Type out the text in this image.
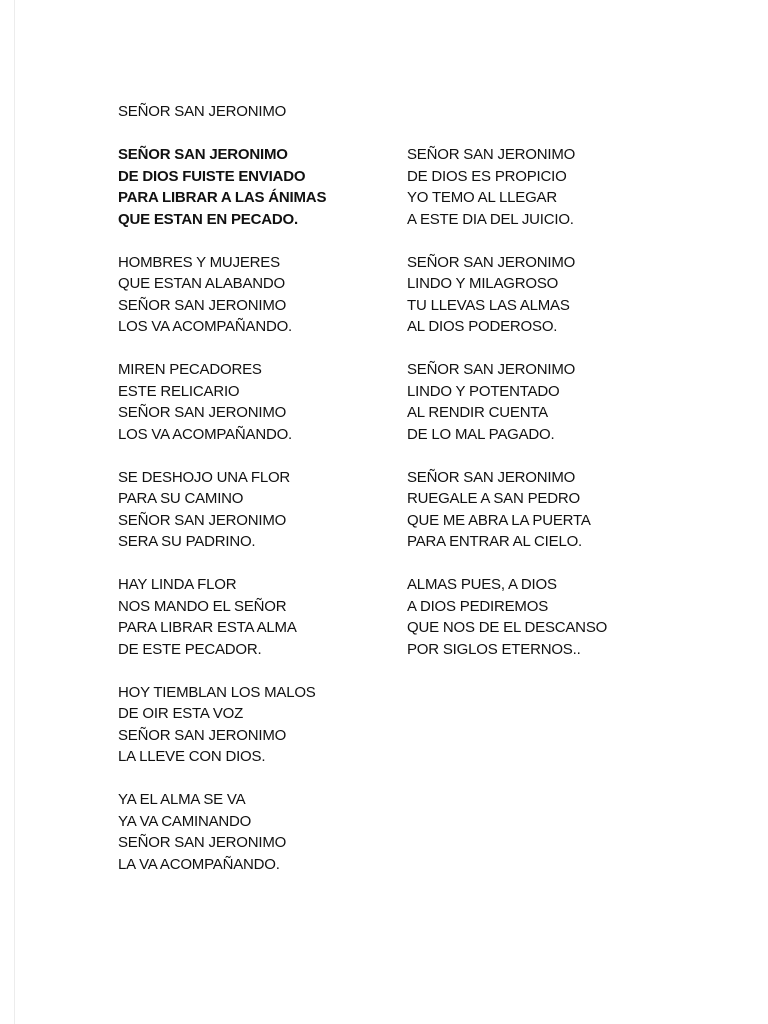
SEÑOR SAN JERONIMO
SEÑOR SAN JERONIMO
DE DIOS FUISTE ENVIADO
PARA LIBRAR A LAS ÁNIMAS
QUE ESTAN EN PECADO.
HOMBRES Y MUJERES
QUE ESTAN ALABANDO
SEÑOR SAN JERONIMO
LOS VA ACOMPAÑANDO.
MIREN PECADORES
ESTE RELICARIO
SEÑOR SAN JERONIMO
LOS VA ACOMPAÑANDO.
SE DESHOJO UNA FLOR
PARA SU CAMINO
SEÑOR SAN JERONIMO
SERA SU PADRINO.
HAY LINDA FLOR
NOS MANDO EL SEÑOR
PARA LIBRAR ESTA ALMA
DE ESTE PECADOR.
HOY TIEMBLAN LOS MALOS
DE OIR ESTA VOZ
SEÑOR SAN JERONIMO
LA LLEVE CON DIOS.
YA EL ALMA SE VA
YA VA CAMINANDO
SEÑOR SAN JERONIMO
LA VA ACOMPAÑANDO.
SEÑOR SAN JERONIMO
DE DIOS ES PROPICIO
YO TEMO AL LLEGAR
A ESTE DIA DEL JUICIO.
SEÑOR SAN JERONIMO
LINDO Y MILAGROSO
TU LLEVAS LAS ALMAS
AL DIOS PODEROSO.
SEÑOR SAN JERONIMO
LINDO Y POTENTADO
AL RENDIR CUENTA
DE LO MAL PAGADO.
SEÑOR SAN JERONIMO
RUEGALE A SAN PEDRO
QUE ME ABRA LA PUERTA
PARA ENTRAR AL CIELO.
ALMAS PUES, A DIOS
A DIOS PEDIREMOS
QUE NOS DE EL DESCANSO
POR SIGLOS ETERNOS..
